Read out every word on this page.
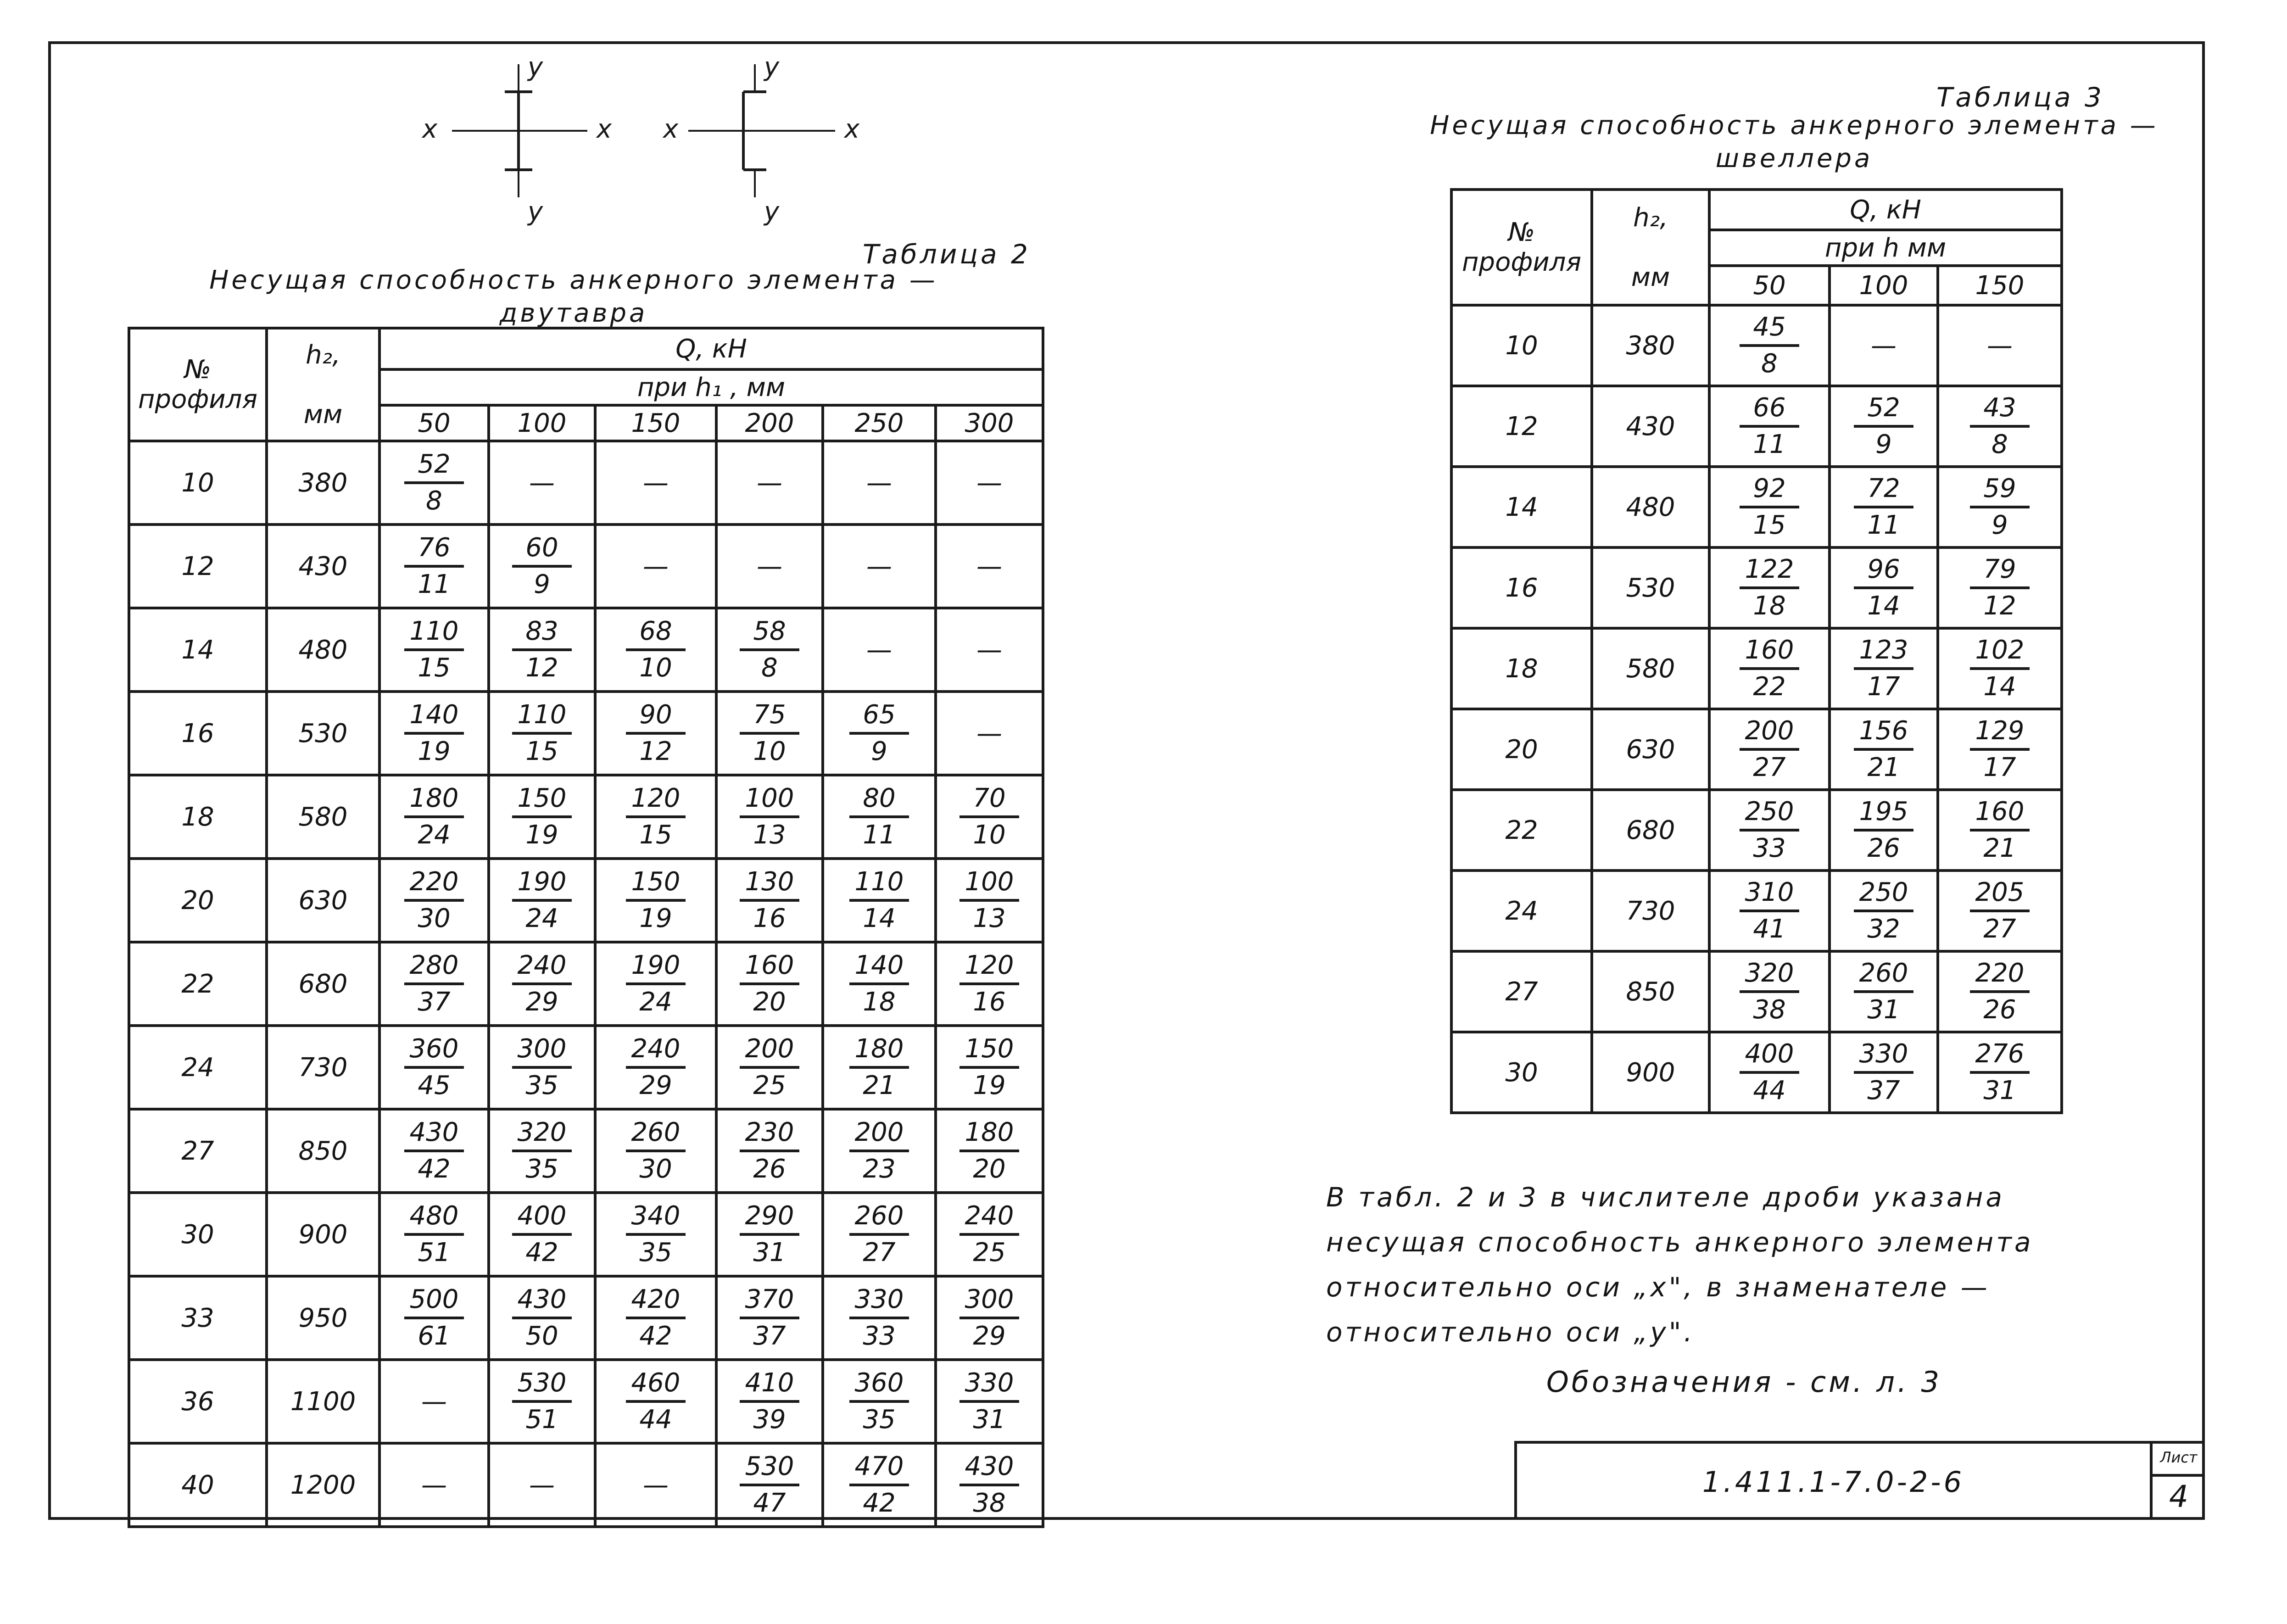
y
y
x	x
y
y
x	x
Таблица 2
Несущая способность анкерного элемента —
двутавра
№ профиля	h₂,

мм	Q, кН					
		при h₁ , мм					
		50	100	150	200	250	300
10	380	$\frac{52}{8}$	—	—	—	—	—
12	430	$\frac{76}{11}$	$\frac{60}{9}$	—	—	—	—
14	480	$\frac{110}{15}$	$\frac{83}{12}$	$\frac{68}{10}$	$\frac{58}{8}$	—	—
16	530	$\frac{140}{19}$	$\frac{110}{15}$	$\frac{90}{12}$	$\frac{75}{10}$	$\frac{65}{9}$	—
18	580	$\frac{180}{24}$	$\frac{150}{19}$	$\frac{120}{15}$	$\frac{100}{13}$	$\frac{80}{11}$	$\frac{70}{10}$

20	630	$\frac{220}{30}$	$\frac{190}{24}$	$\frac{150}{19}$	$\frac{130}{16}$	$\frac{110}{14}$	$\frac{100}{13}$

22	680	$\frac{280}{37}$	$\frac{240}{29}$	$\frac{190}{24}$	$\frac{160}{20}$	$\frac{140}{18}$	$\frac{120}{16}$

24	730	$\frac{360}{45}$	$\frac{300}{35}$	$\frac{240}{29}$	$\frac{200}{25}$	$\frac{180}{21}$	$\frac{150}{19}$

27	850	$\frac{430}{42}$	$\frac{320}{35}$	$\frac{260}{30}$	$\frac{230}{26}$	$\frac{200}{23}$	$\frac{180}{20}$

30	900	$\frac{480}{51}$	$\frac{400}{42}$	$\frac{340}{35}$	$\frac{290}{31}$	$\frac{260}{27}$	$\frac{240}{25}$

33	950	$\frac{500}{61}$	$\frac{430}{50}$	$\frac{420}{42}$	$\frac{370}{37}$	$\frac{330}{33}$	$\frac{300}{29}$

36	1100	—	$\frac{530}{51}$	$\frac{460}{44}$	$\frac{410}{39}$	$\frac{360}{35}$	$\frac{330}{31}$

40	1200	—	—	—	$\frac{530}{47}$	$\frac{470}{42}$	$\frac{430}{38}$
Таблица 3
Несущая способность анкерного элемента —
швеллера
№ профиля	h₂,

мм	Q, кН		
		при h мм		
		50	100	150
10	380	$\frac{45}{8}$	—	—
12	430	$\frac{66}{11}$	$\frac{52}{9}$	$\frac{43}{8}$

14	480	$\frac{92}{15}$	$\frac{72}{11}$	$\frac{59}{9}$

16	530	$\frac{122}{18}$	$\frac{96}{14}$	$\frac{79}{12}$

18	580	$\frac{160}{22}$	$\frac{123}{17}$	$\frac{102}{14}$

20	630	$\frac{200}{27}$	$\frac{156}{21}$	$\frac{129}{17}$

22	680	$\frac{250}{33}$	$\frac{195}{26}$	$\frac{160}{21}$

24	730	$\frac{310}{41}$	$\frac{250}{32}$	$\frac{205}{27}$

27	850	$\frac{320}{38}$	$\frac{260}{31}$	$\frac{220}{26}$

30	900	$\frac{400}{44}$	$\frac{330}{37}$	$\frac{276}{31}$
В табл. 2 и 3 в числителе дроби указана
несущая способность анкерного элемента
относительно оси „x", в знаменателе —
относительно оси „y".
Обозначения - см. л. 3
1.411.1-7.0-2-6
Лист
4
